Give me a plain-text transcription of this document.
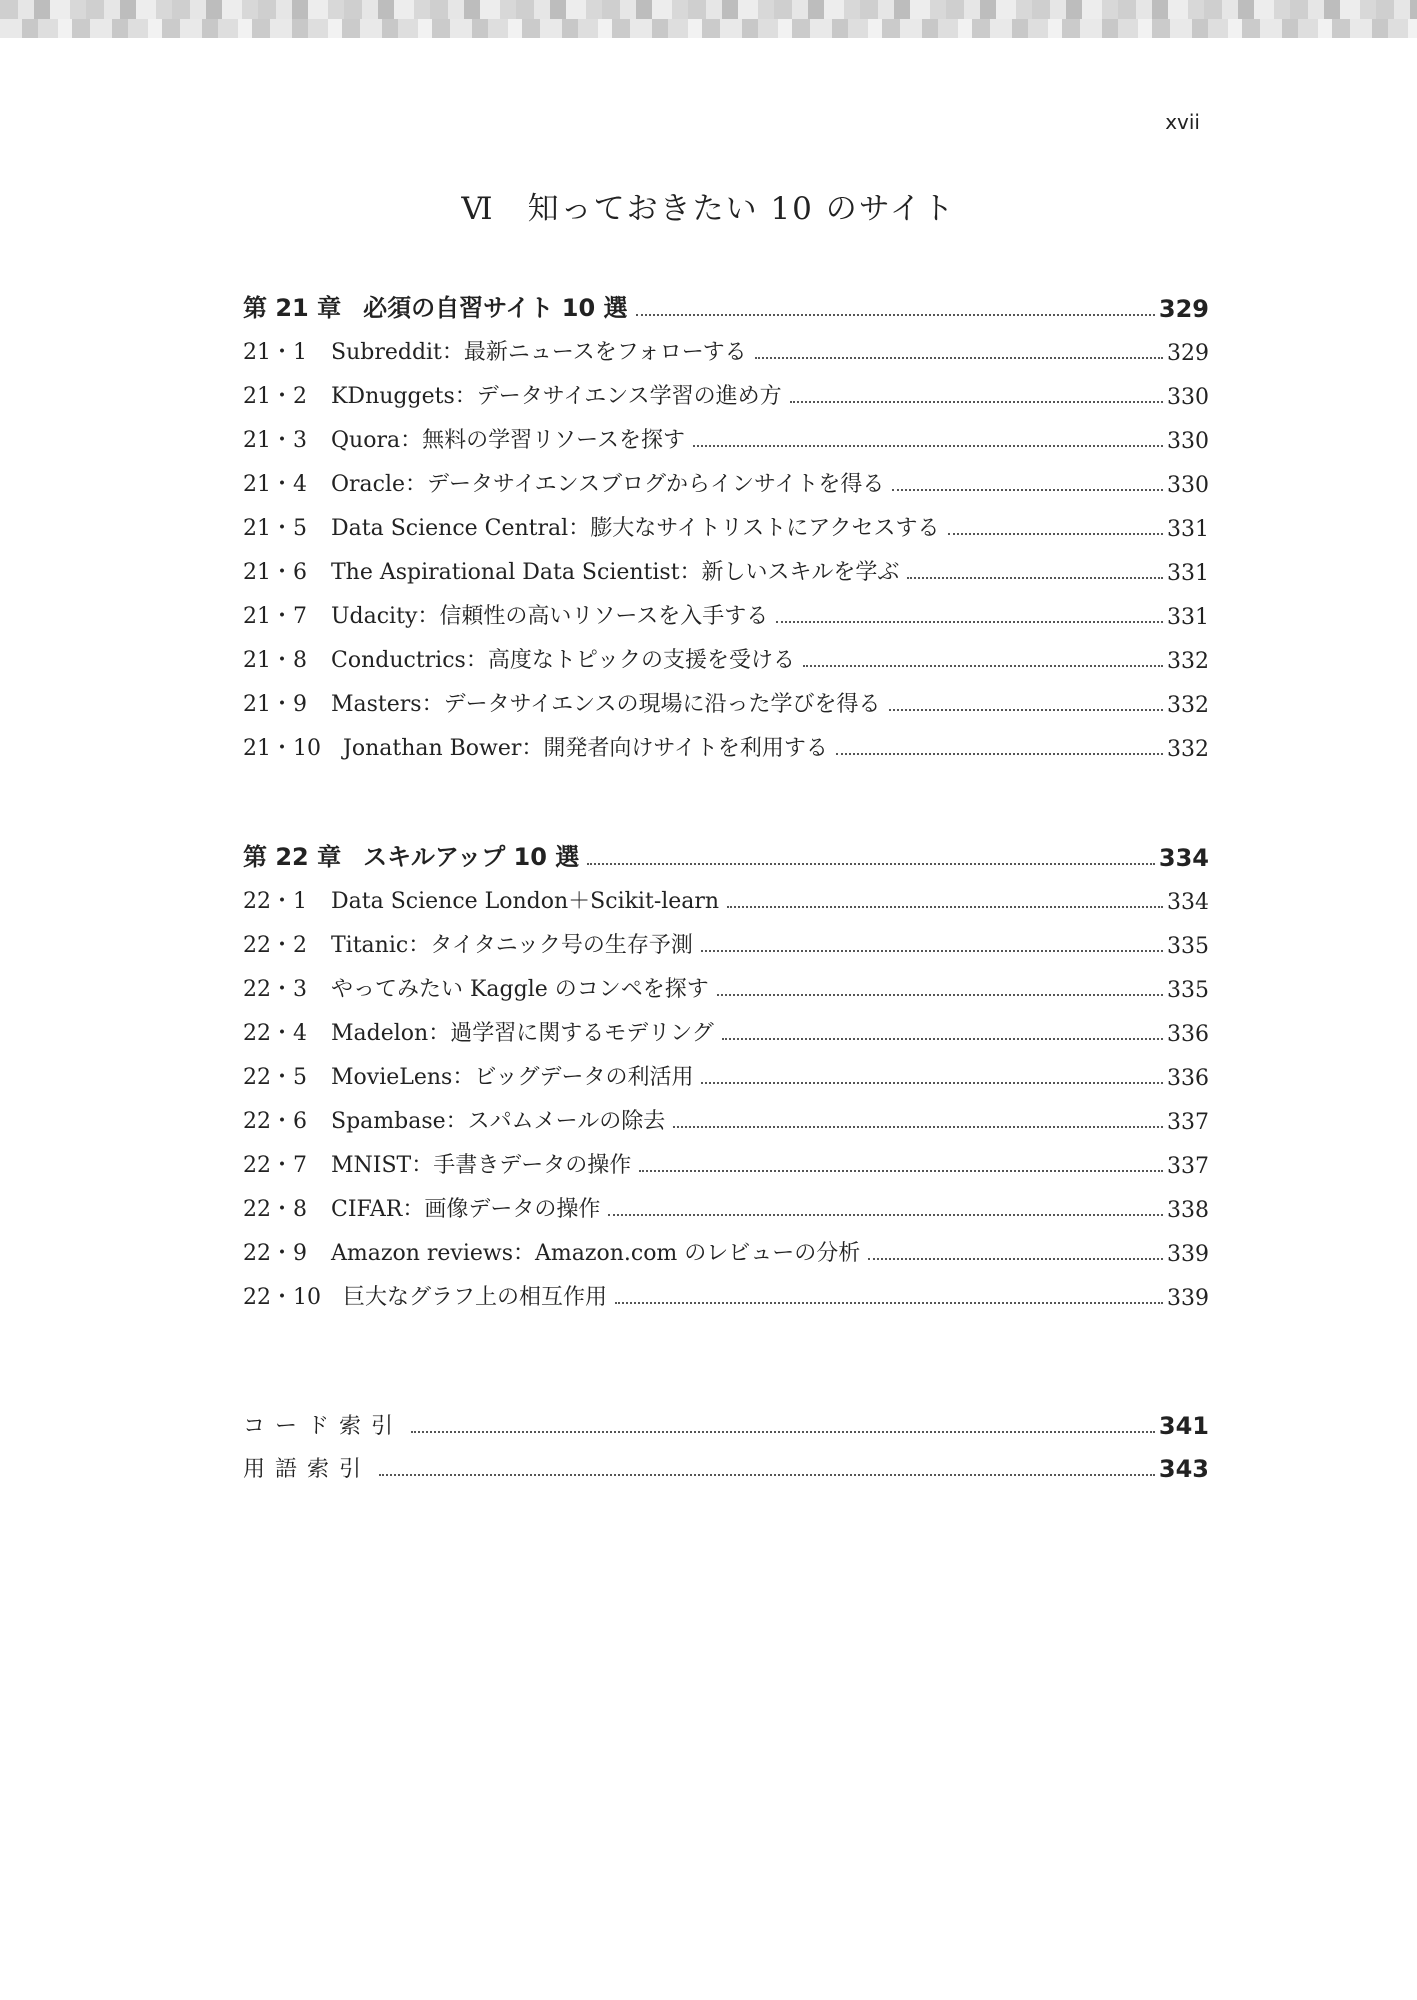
xvii
Ⅵ　知っておきたい 10 のサイト
第 21 章 必須の自習サイト 10 選	329
21・1	Subreddit：最新ニュースをフォローする	329
21・2	KDnuggets：データサイエンス学習の進め方	330
21・3	Quora：無料の学習リソースを探す	330
21・4	Oracle：データサイエンスブログからインサイトを得る	330
21・5	Data Science Central：膨大なサイトリストにアクセスする	331
21・6	The Aspirational Data Scientist：新しいスキルを学ぶ	331
21・7	Udacity：信頼性の高いリソースを入手する	331
21・8	Conductrics：高度なトピックの支援を受ける	332
21・9	Masters：データサイエンスの現場に沿った学びを得る	332
21・10	Jonathan Bower：開発者向けサイトを利用する	332
第 22 章 スキルアップ 10 選	334
22・1	Data Science London＋Scikit-learn	334
22・2	Titanic：タイタニック号の生存予測	335
22・3	やってみたい Kaggle のコンペを探す	335
22・4	Madelon：過学習に関するモデリング	336
22・5	MovieLens：ビッグデータの利活用	336
22・6	Spambase：スパムメールの除去	337
22・7	MNIST：手書きデータの操作	337
22・8	CIFAR：画像データの操作	338
22・9	Amazon reviews：Amazon.com のレビューの分析	339
22・10	巨大なグラフ上の相互作用	339
コード索引	341
用語索引	343
